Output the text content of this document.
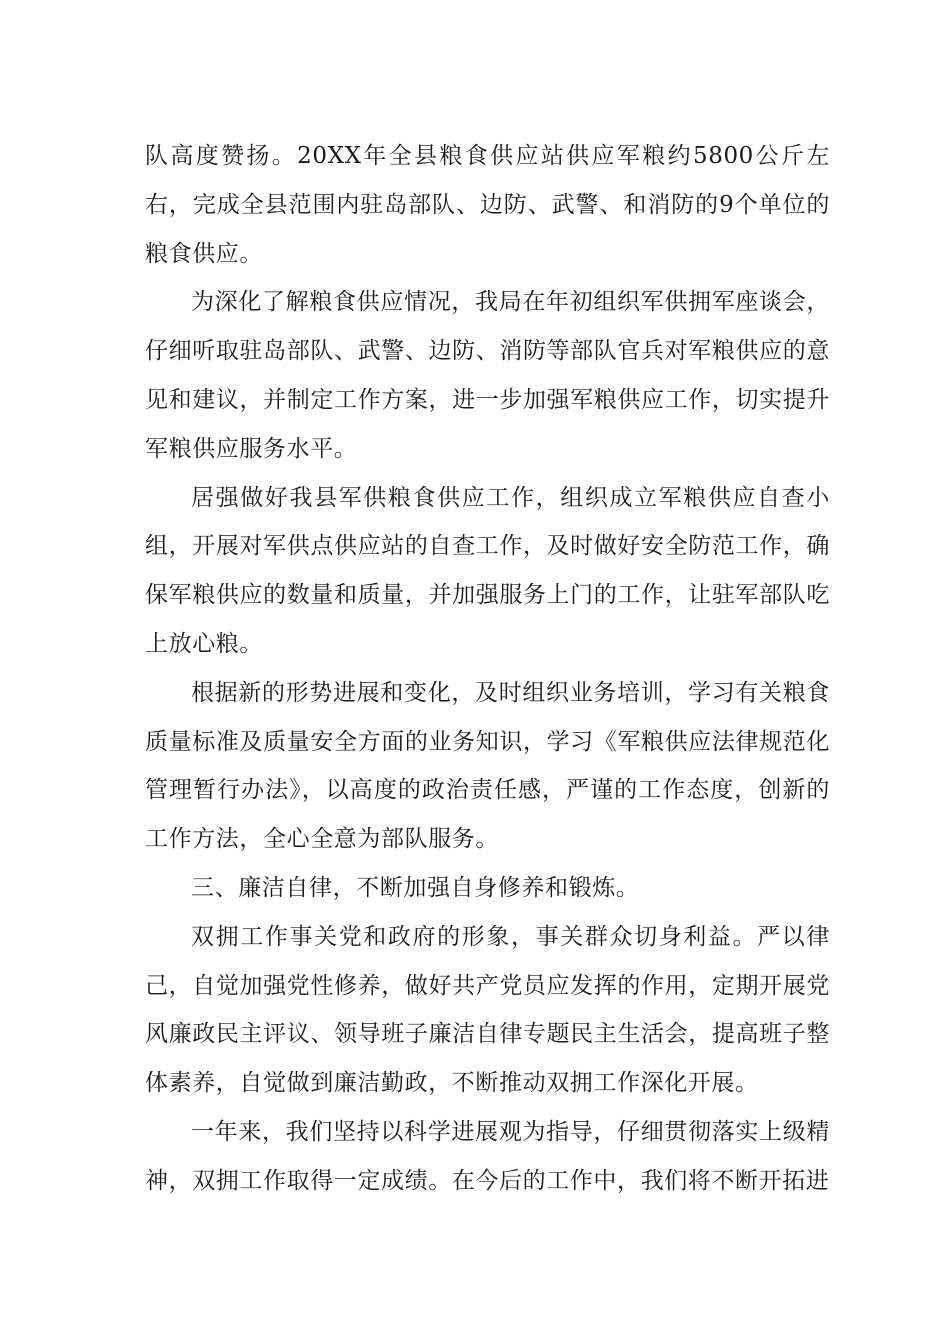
队高度赞扬。20XX年全县粮食供应站供应军粮约5800公斤左右，完成全县范围内驻岛部队、边防、武警、和消防的9个单位的粮食供应。

为深化了解粮食供应情况，我局在年初组织军供拥军座谈会，仔细听取驻岛部队、武警、边防、消防等部队官兵对军粮供应的意见和建议，并制定工作方案，进一步加强军粮供应工作，切实提升军粮供应服务水平。

居强做好我县军供粮食供应工作，组织成立军粮供应自查小组，开展对军供点供应站的自查工作，及时做好安全防范工作，确保军粮供应的数量和质量，并加强服务上门的工作，让驻军部队吃上放心粮。

根据新的形势进展和变化，及时组织业务培训，学习有关粮食质量标准及质量安全方面的业务知识，学习《军粮供应法律规范化管理暂行办法》，以高度的政治责任感，严谨的工作态度，创新的工作方法，全心全意为部队服务。

三、廉洁自律，不断加强自身修养和锻炼。

双拥工作事关党和政府的形象，事关群众切身利益。严以律己，自觉加强党性修养，做好共产党员应发挥的作用，定期开展党风廉政民主评议、领导班子廉洁自律专题民主生活会，提高班子整体素养，自觉做到廉洁勤政，不断推动双拥工作深化开展。

一年来，我们坚持以科学进展观为指导，仔细贯彻落实上级精神，双拥工作取得一定成绩。在今后的工作中，我们将不断开拓进
